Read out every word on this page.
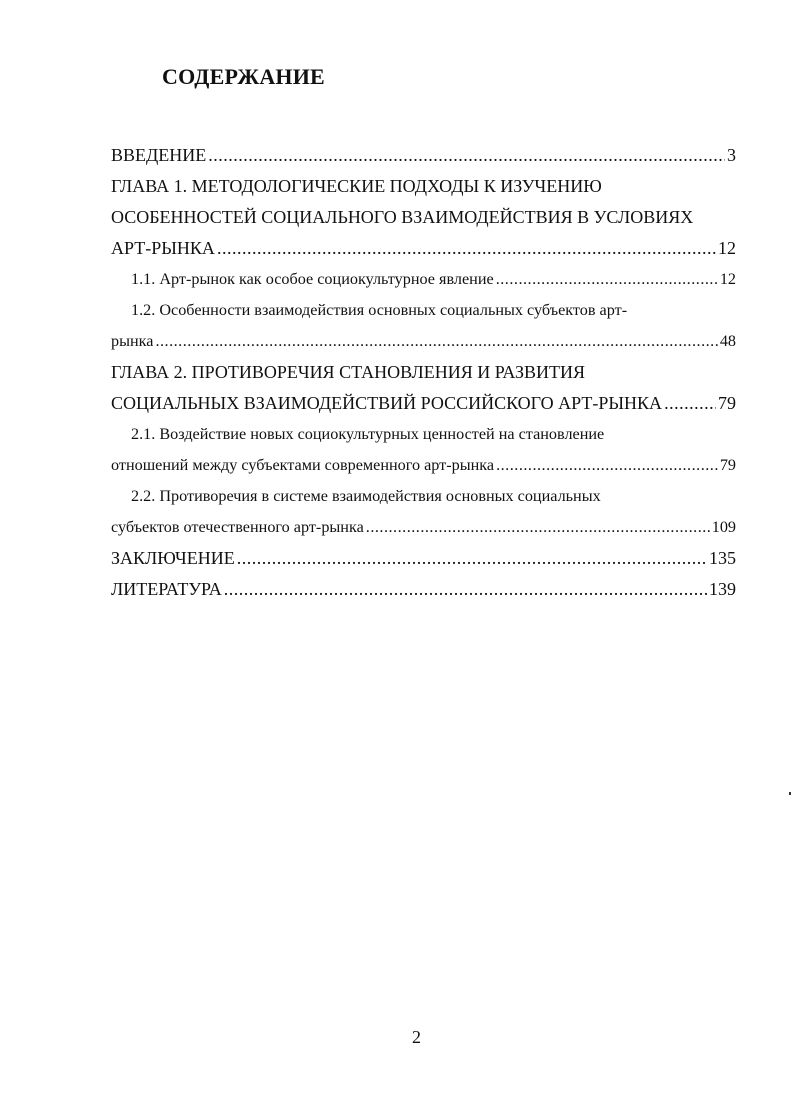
СОДЕРЖАНИЕ
ВВЕДЕНИЕ .....	3
ГЛАВА 1. МЕТОДОЛОГИЧЕСКИЕ ПОДХОДЫ К ИЗУЧЕНИЮ
ОСОБЕННОСТЕЙ СОЦИАЛЬНОГО ВЗАИМОДЕЙСТВИЯ В УСЛОВИЯХ
АРТ-РЫНКА .....	12
1.1. Арт-рынок как особое социокультурное явление .....	12
1.2. Особенности взаимодействия основных социальных субъектов арт-
рынка .....	48
ГЛАВА 2. ПРОТИВОРЕЧИЯ СТАНОВЛЕНИЯ И РАЗВИТИЯ
СОЦИАЛЬНЫХ ВЗАИМОДЕЙСТВИЙ РОССИЙСКОГО АРТ-РЫНКА .....	79
2.1. Воздействие новых социокультурных ценностей на становление
отношений между субъектами современного арт-рынка .....	79
2.2. Противоречия в системе взаимодействия основных социальных
субъектов отечественного арт-рынка .....	109
ЗАКЛЮЧЕНИЕ .....	135
ЛИТЕРАТУРА .....	139
2
